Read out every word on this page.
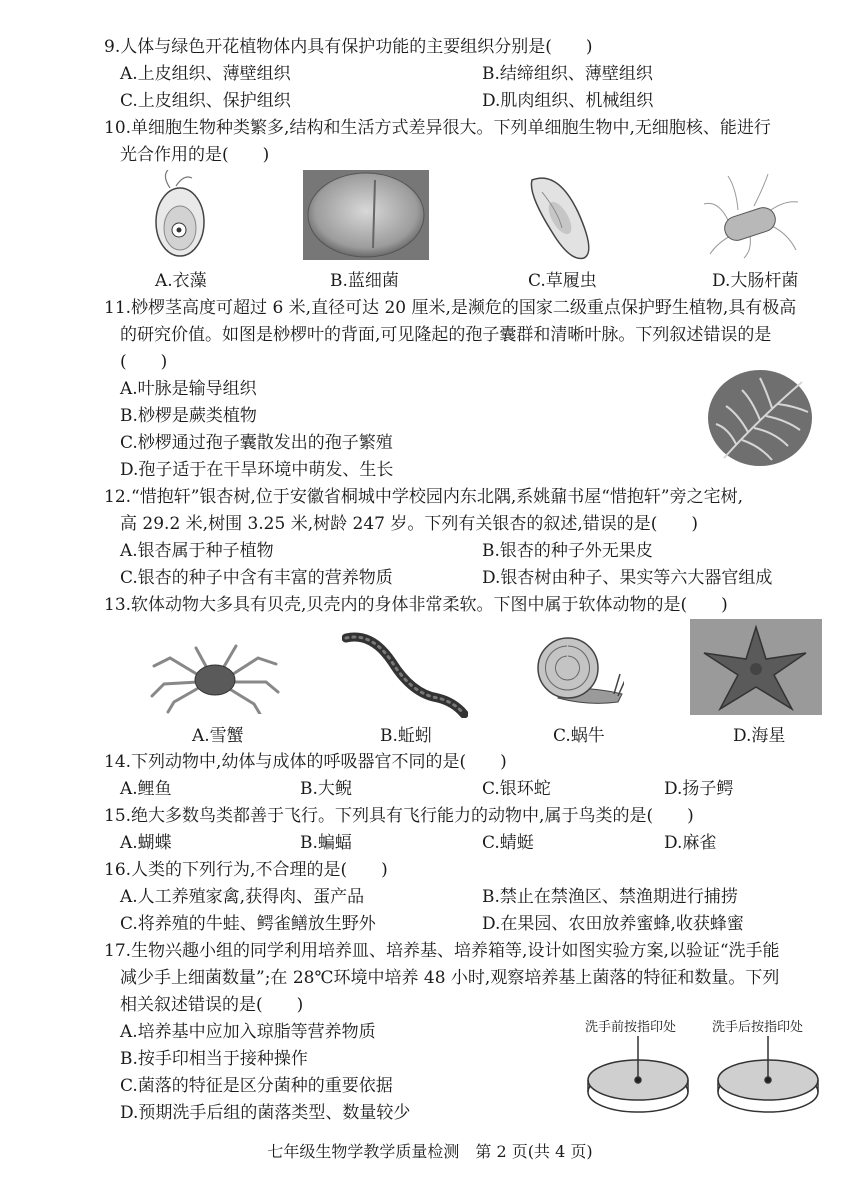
9.人体与绿色开花植物体内具有保护功能的主要组织分别是(　　)
A.上皮组织、薄壁组织	B.结缔组织、薄壁组织
C.上皮组织、保护组织	D.肌肉组织、机械组织
10.单细胞生物种类繁多,结构和生活方式差异很大。下列单细胞生物中,无细胞核、能进行
光合作用的是(　　)
A.衣藻	B.蓝细菌	C.草履虫	D.大肠杆菌
11.桫椤茎高度可超过 6 米,直径可达 20 厘米,是濒危的国家二级重点保护野生植物,具有极高
的研究价值。如图是桫椤叶的背面,可见隆起的孢子囊群和清晰叶脉。下列叙述错误的是
(　　)
A.叶脉是输导组织
B.桫椤是蕨类植物
C.桫椤通过孢子囊散发出的孢子繁殖
D.孢子适于在干旱环境中萌发、生长
12.“惜抱轩”银杏树,位于安徽省桐城中学校园内东北隅,系姚鼐书屋“惜抱轩”旁之宅树,
高 29.2 米,树围 3.25 米,树龄 247 岁。下列有关银杏的叙述,错误的是(　　)
A.银杏属于种子植物	B.银杏的种子外无果皮
C.银杏的种子中含有丰富的营养物质	D.银杏树由种子、果实等六大器官组成
13.软体动物大多具有贝壳,贝壳内的身体非常柔软。下图中属于软体动物的是(　　)
A.雪蟹	B.蚯蚓	C.蜗牛	D.海星
14.下列动物中,幼体与成体的呼吸器官不同的是(　　)
A.鲤鱼	B.大鲵	C.银环蛇	D.扬子鳄
15.绝大多数鸟类都善于飞行。下列具有飞行能力的动物中,属于鸟类的是(　　)
A.蝴蝶	B.蝙蝠	C.蜻蜓	D.麻雀
16.人类的下列行为,不合理的是(　　)
A.人工养殖家禽,获得肉、蛋产品	B.禁止在禁渔区、禁渔期进行捕捞
C.将养殖的牛蛙、鳄雀鳝放生野外	D.在果园、农田放养蜜蜂,收获蜂蜜
17.生物兴趣小组的同学利用培养皿、培养基、培养箱等,设计如图实验方案,以验证“洗手能
减少手上细菌数量”;在 28℃环境中培养 48 小时,观察培养基上菌落的特征和数量。下列
相关叙述错误的是(　　)
A.培养基中应加入琼脂等营养物质
B.按手印相当于接种操作
C.菌落的特征是区分菌种的重要依据
D.预期洗手后组的菌落类型、数量较少
洗手前按指印处	洗手后按指印处
七年级生物学教学质量检测　第 2 页(共 4 页)
